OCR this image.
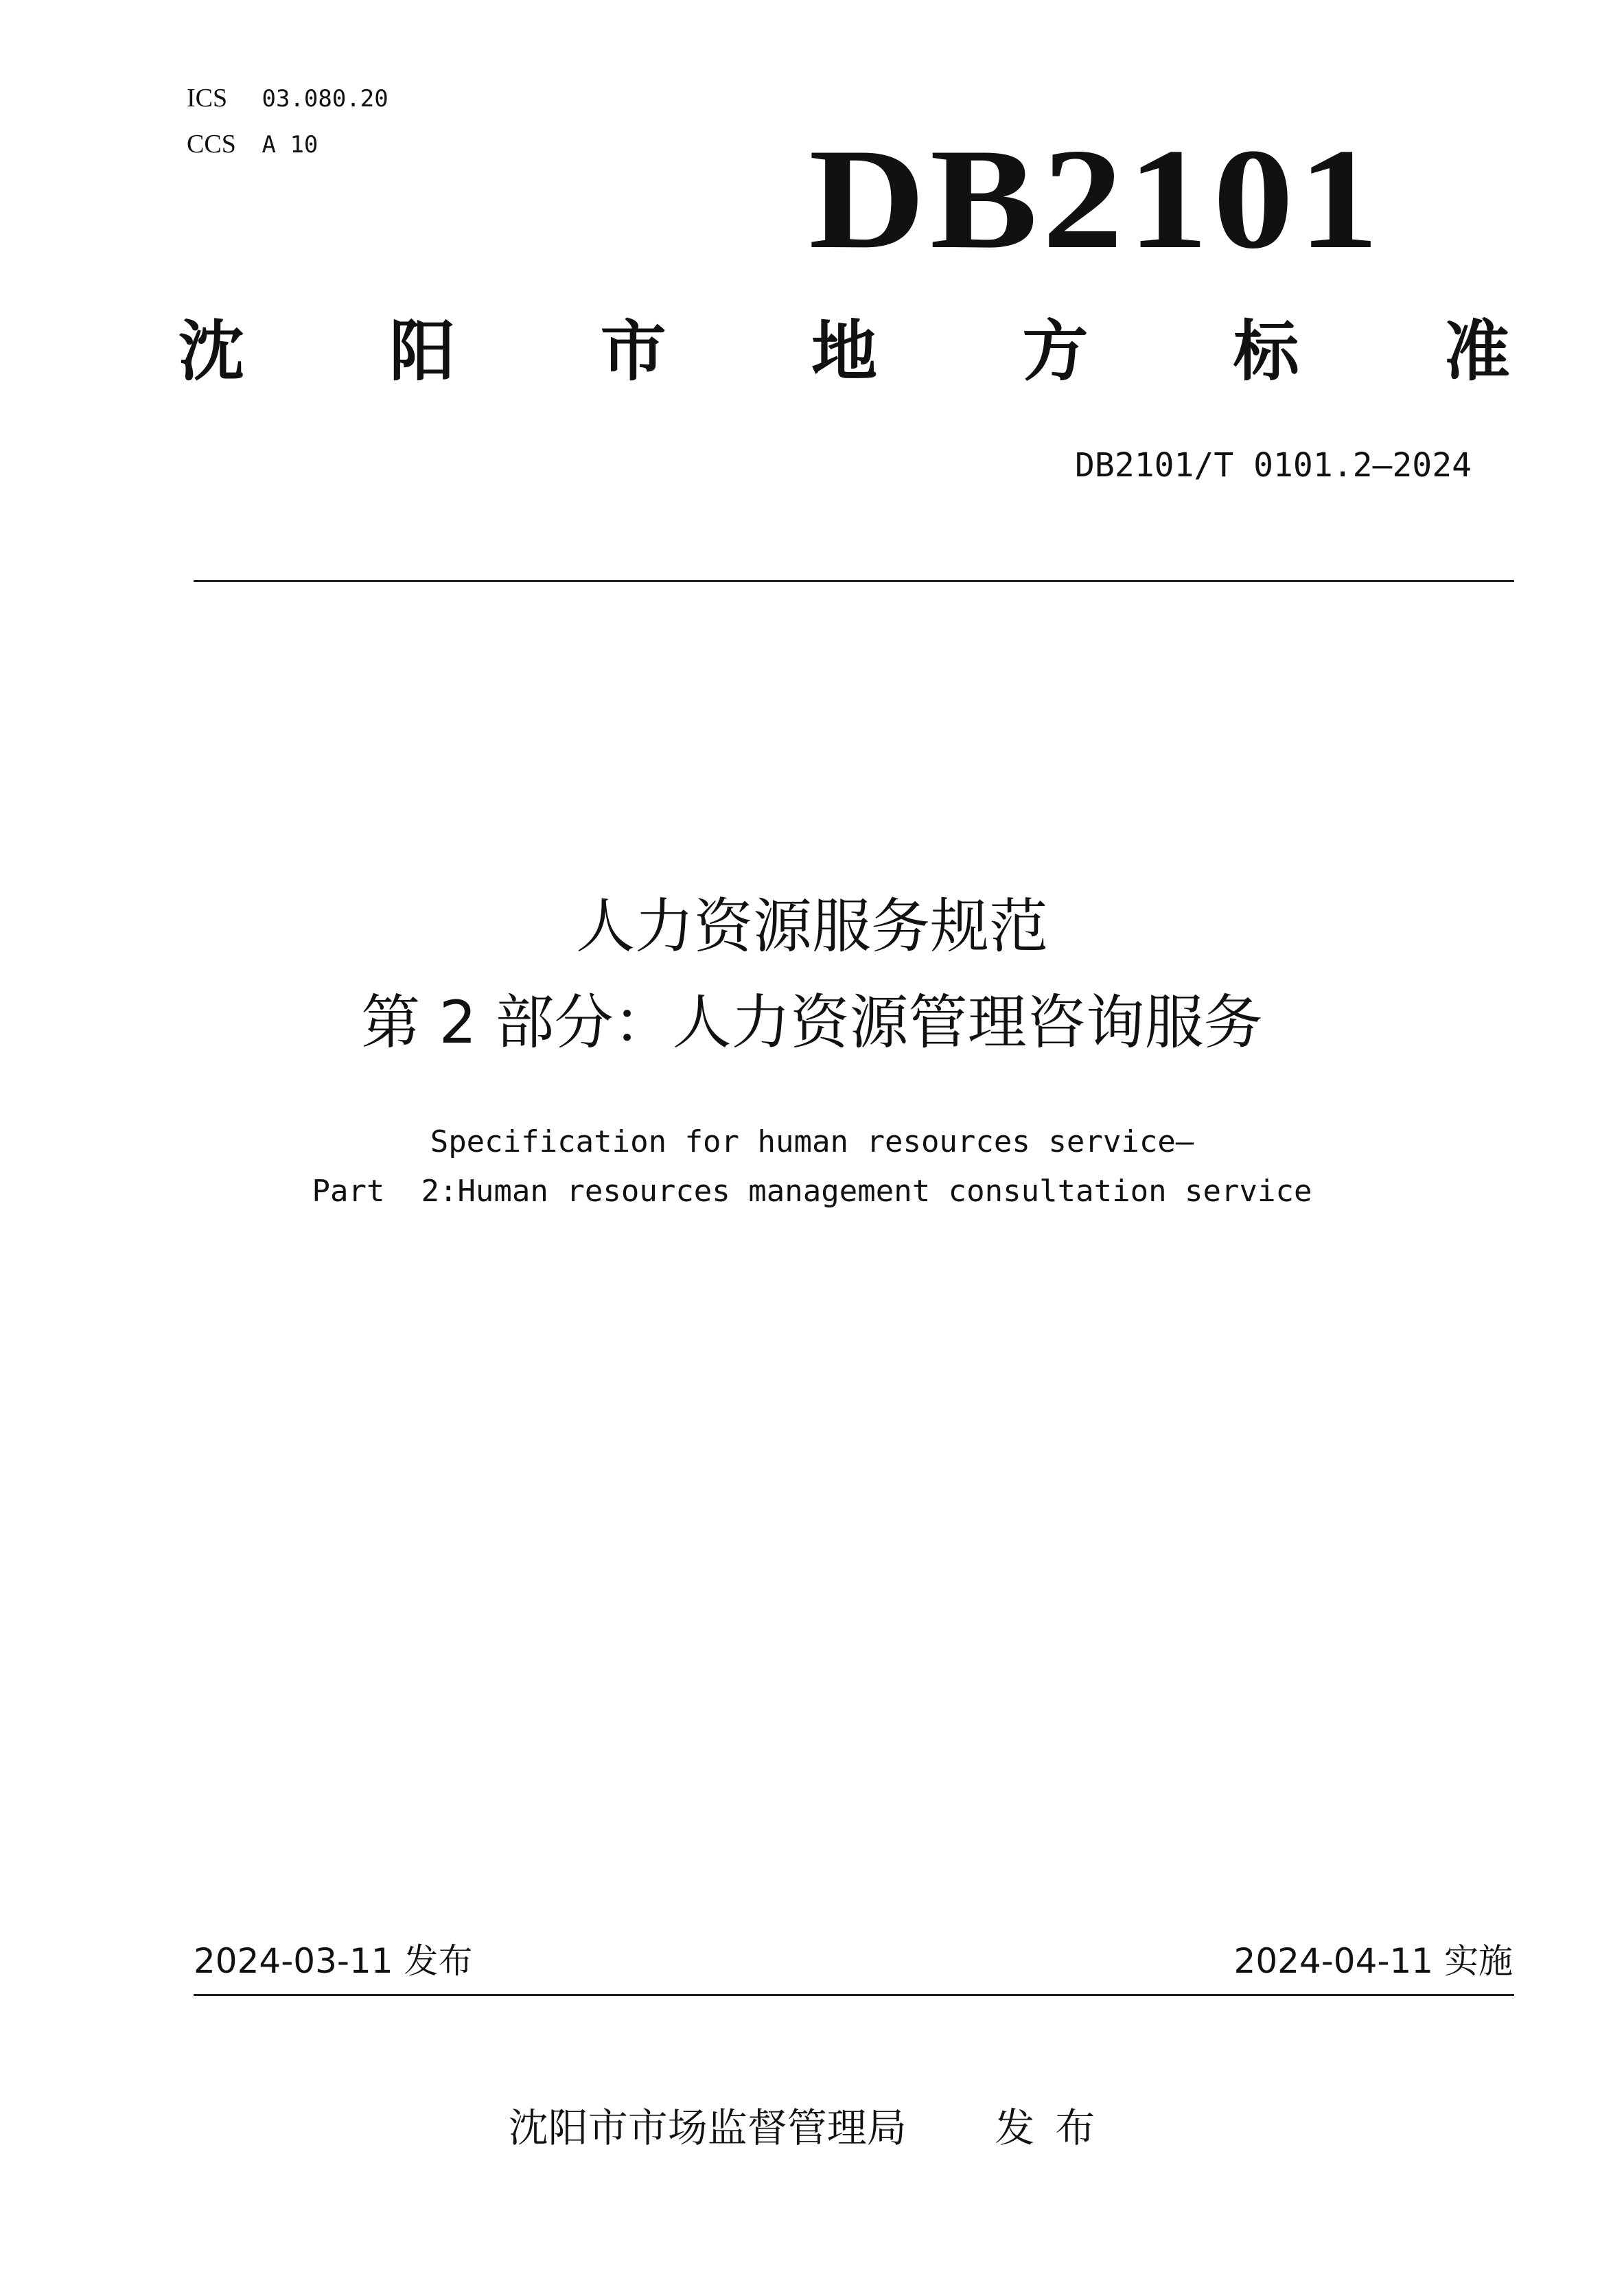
ICS 03.080.20
CCS A 10	DB2101
沈 阳 市 地 方 标 准
DB2101/T 0101.2—2024
人力资源服务规范
第 2 部分：人力资源管理咨询服务
Specification for human resources service—
Part  2:Human resources management consultation service
2024-03-11 发布	2024-04-11 实施
沈阳市市场监督管理局 发布
